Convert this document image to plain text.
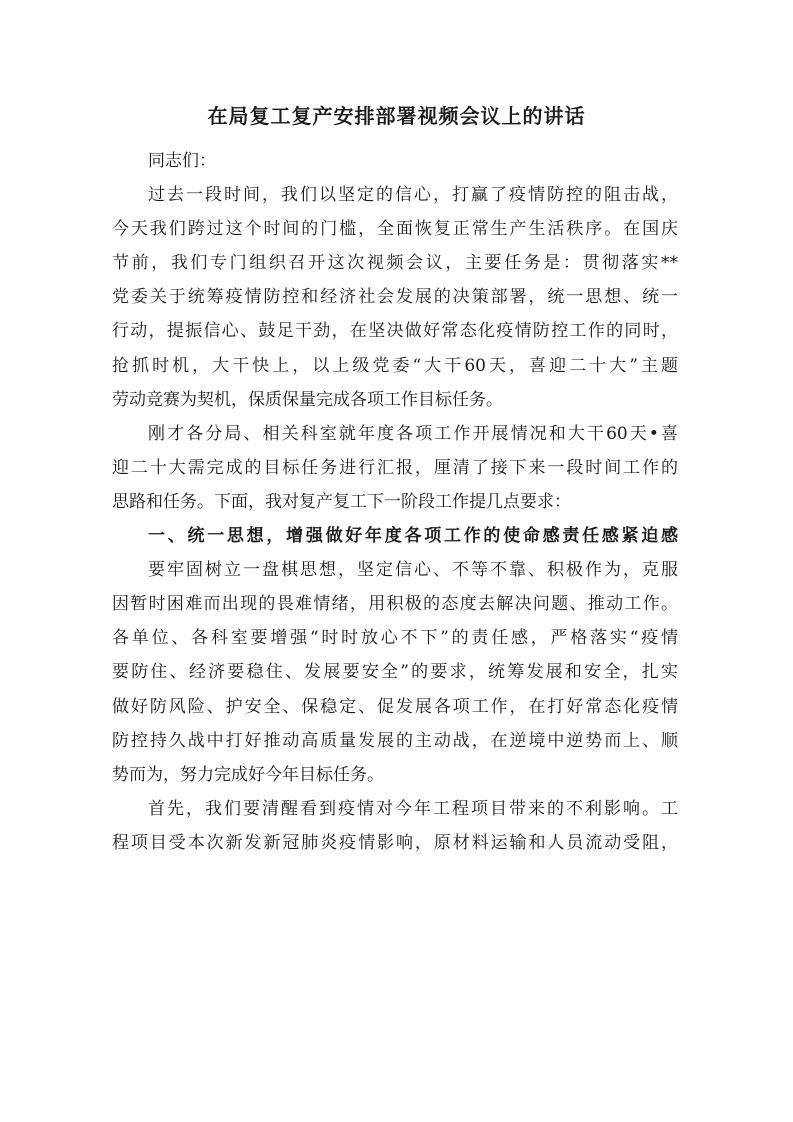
在局复工复产安排部署视频会议上的讲话
同志们：
过去一段时间，我们以坚定的信心，打赢了疫情防控的阻击战，
今天我们跨过这个时间的门槛，全面恢复正常生产生活秩序。在国庆
节前，我们专门组织召开这次视频会议，主要任务是：贯彻落实**
党委关于统筹疫情防控和经济社会发展的决策部署，统一思想、统一
行动，提振信心、鼓足干劲，在坚决做好常态化疫情防控工作的同时，
抢抓时机，大干快上，以上级党委“大干60天，喜迎二十大”主题
劳动竞赛为契机，保质保量完成各项工作目标任务。
刚才各分局、相关科室就年度各项工作开展情况和大干60天•喜
迎二十大需完成的目标任务进行汇报，厘清了接下来一段时间工作的
思路和任务。下面，我对复产复工下一阶段工作提几点要求：
一、统一思想，增强做好年度各项工作的使命感责任感紧迫感
要牢固树立一盘棋思想，坚定信心、不等不靠、积极作为，克服
因暂时困难而出现的畏难情绪，用积极的态度去解决问题、推动工作。
各单位、各科室要增强“时时放心不下”的责任感，严格落实“疫情
要防住、经济要稳住、发展要安全”的要求，统筹发展和安全，扎实
做好防风险、护安全、保稳定、促发展各项工作，在打好常态化疫情
防控持久战中打好推动高质量发展的主动战，在逆境中逆势而上、顺
势而为，努力完成好今年目标任务。
首先，我们要清醒看到疫情对今年工程项目带来的不利影响。工
程项目受本次新发新冠肺炎疫情影响，原材料运输和人员流动受阻，
